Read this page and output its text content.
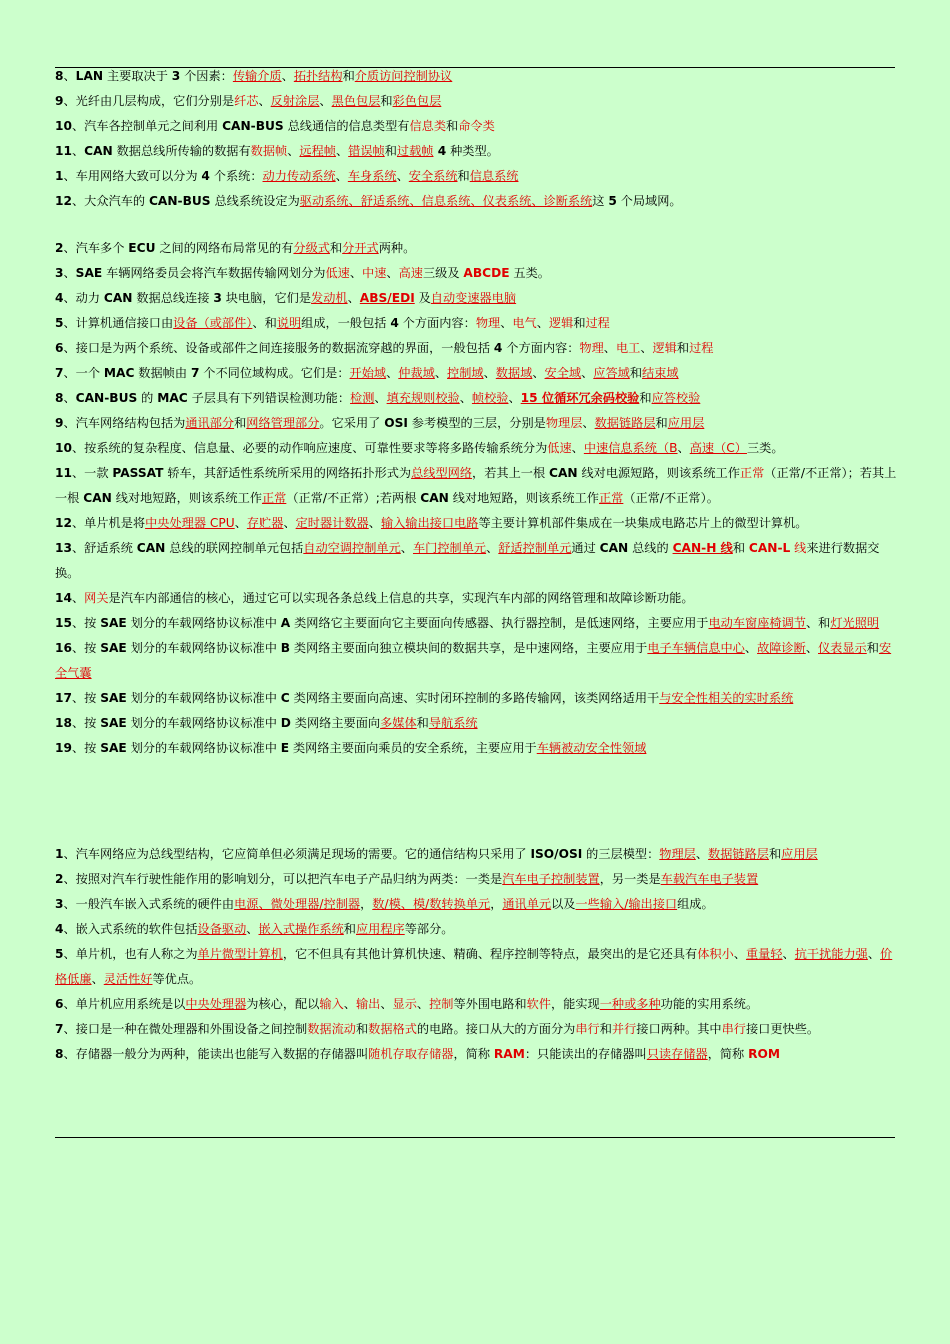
8、LAN 主要取决于 3 个因素：传输介质、拓扑结构和介质访问控制协议

9、光纤由几层构成，它们分别是纤芯、反射涂层、黑色包层和彩色包层

10、汽车各控制单元之间利用 CAN-BUS 总线通信的信息类型有信息类和命令类

11、CAN 数据总线所传输的数据有数据帧、远程帧、错误帧和过载帧 4 种类型。

1、车用网络大致可以分为 4 个系统：动力传动系统、车身系统、安全系统和信息系统

12、大众汽车的 CAN-BUS 总线系统设定为驱动系统、舒适系统、信息系统、仪表系统、诊断系统这 5 个局域网。

2、汽车多个 ECU 之间的网络布局常见的有分级式和分开式两种。

3、SAE 车辆网络委员会将汽车数据传输网划分为低速、中速、高速三级及 ABCDE 五类。

4、动力 CAN 数据总线连接 3 块电脑，它们是发动机、ABS/EDI 及自动变速器电脑

5、计算机通信接口由设备（或部件）、和说明组成，一般包括 4 个方面内容：物理、电气、逻辑和过程

6、接口是为两个系统、设备或部件之间连接服务的数据流穿越的界面，一般包括 4 个方面内容：物理、电工、逻辑和过程

7、一个 MAC 数据帧由 7 个不同位域构成。它们是：开始域、仲裁域、控制域、数据域、安全域、应答域和结束域

8、CAN-BUS 的 MAC 子层具有下列错误检测功能：检测、填充规则校验、帧校验、15 位循环冗余码校验和应答校验

9、汽车网络结构包括为通讯部分和网络管理部分。它采用了 OSI 参考模型的三层，分别是物理层、数据链路层和应用层

10、按系统的复杂程度、信息量、必要的动作响应速度、可靠性要求等将多路传输系统分为低速、中速信息系统（B、高速（C）三类。

11、一款 PASSAT 轿车，其舒适性系统所采用的网络拓扑形式为总线型网络，若其上一根 CAN 线对电源短路，则该系统工作正常（正常/不正常）；若其上一根 CAN 线对地短路，则该系统工作正常（正常/不正常）;若两根 CAN 线对地短路，则该系统工作正常（正常/不正常）。

12、单片机是将中央处理器 CPU、存贮器、定时器计数器、输入输出接口电路等主要计算机部件集成在一块集成电路芯片上的微型计算机。

13、舒适系统 CAN 总线的联网控制单元包括自动空调控制单元、车门控制单元、舒适控制单元通过 CAN 总线的 CAN-H 线和 CAN-L 线来进行数据交换。

14、网关是汽车内部通信的核心，通过它可以实现各条总线上信息的共享，实现汽车内部的网络管理和故障诊断功能。

15、按 SAE 划分的车载网络协议标准中 A 类网络它主要面向它主要面向传感器、执行器控制，是低速网络，主要应用于电动车窗座椅调节、和灯光照明

16、按 SAE 划分的车载网络协议标准中 B 类网络主要面向独立模块间的数据共享，是中速网络，主要应用于电子车辆信息中心、故障诊断、仪表显示和安全气囊

17、按 SAE 划分的车载网络协议标准中 C 类网络主要面向高速、实时闭环控制的多路传输网，该类网络适用干与安全性相关的实时系统

18、按 SAE 划分的车载网络协议标准中 D 类网络主要面向多媒体和导航系统

19、按 SAE 划分的车载网络协议标准中 E 类网络主要面向乘员的安全系统，主要应用于车辆被动安全性领域

1、汽车网络应为总线型结构，它应简单但必须满足现场的需要。它的通信结构只采用了 ISO/OSI 的三层模型：物理层、数据链路层和应用层

2、按照对汽车行驶性能作用的影响划分，可以把汽车电子产品归纳为两类：一类是汽车电子控制装置，另一类是车载汽车电子装置

3、一般汽车嵌入式系统的硬件由电源、微处理器/控制器，数/模、模/数转换单元，通讯单元以及一些输入/输出接口组成。

4、嵌入式系统的软件包括设备驱动、嵌入式操作系统和应用程序等部分。

5、单片机，也有人称之为单片微型计算机，它不但具有其他计算机快速、精确、程序控制等特点，最突出的是它还具有体积小、重量轻、抗干扰能力强、价格低廉、灵活性好等优点。

6、单片机应用系统是以中央处理器为核心，配以输入、输出、显示、控制等外围电路和软件，能实现一种或多种功能的实用系统。

7、接口是一种在微处理器和外围设备之间控制数据流动和数据格式的电路。接口从大的方面分为串行和并行接口两种。其中串行接口更快些。

8、存储器一般分为两种，能读出也能写入数据的存储器叫随机存取存储器，简称 RAM：只能读出的存储器叫只读存储器，简称 ROM
